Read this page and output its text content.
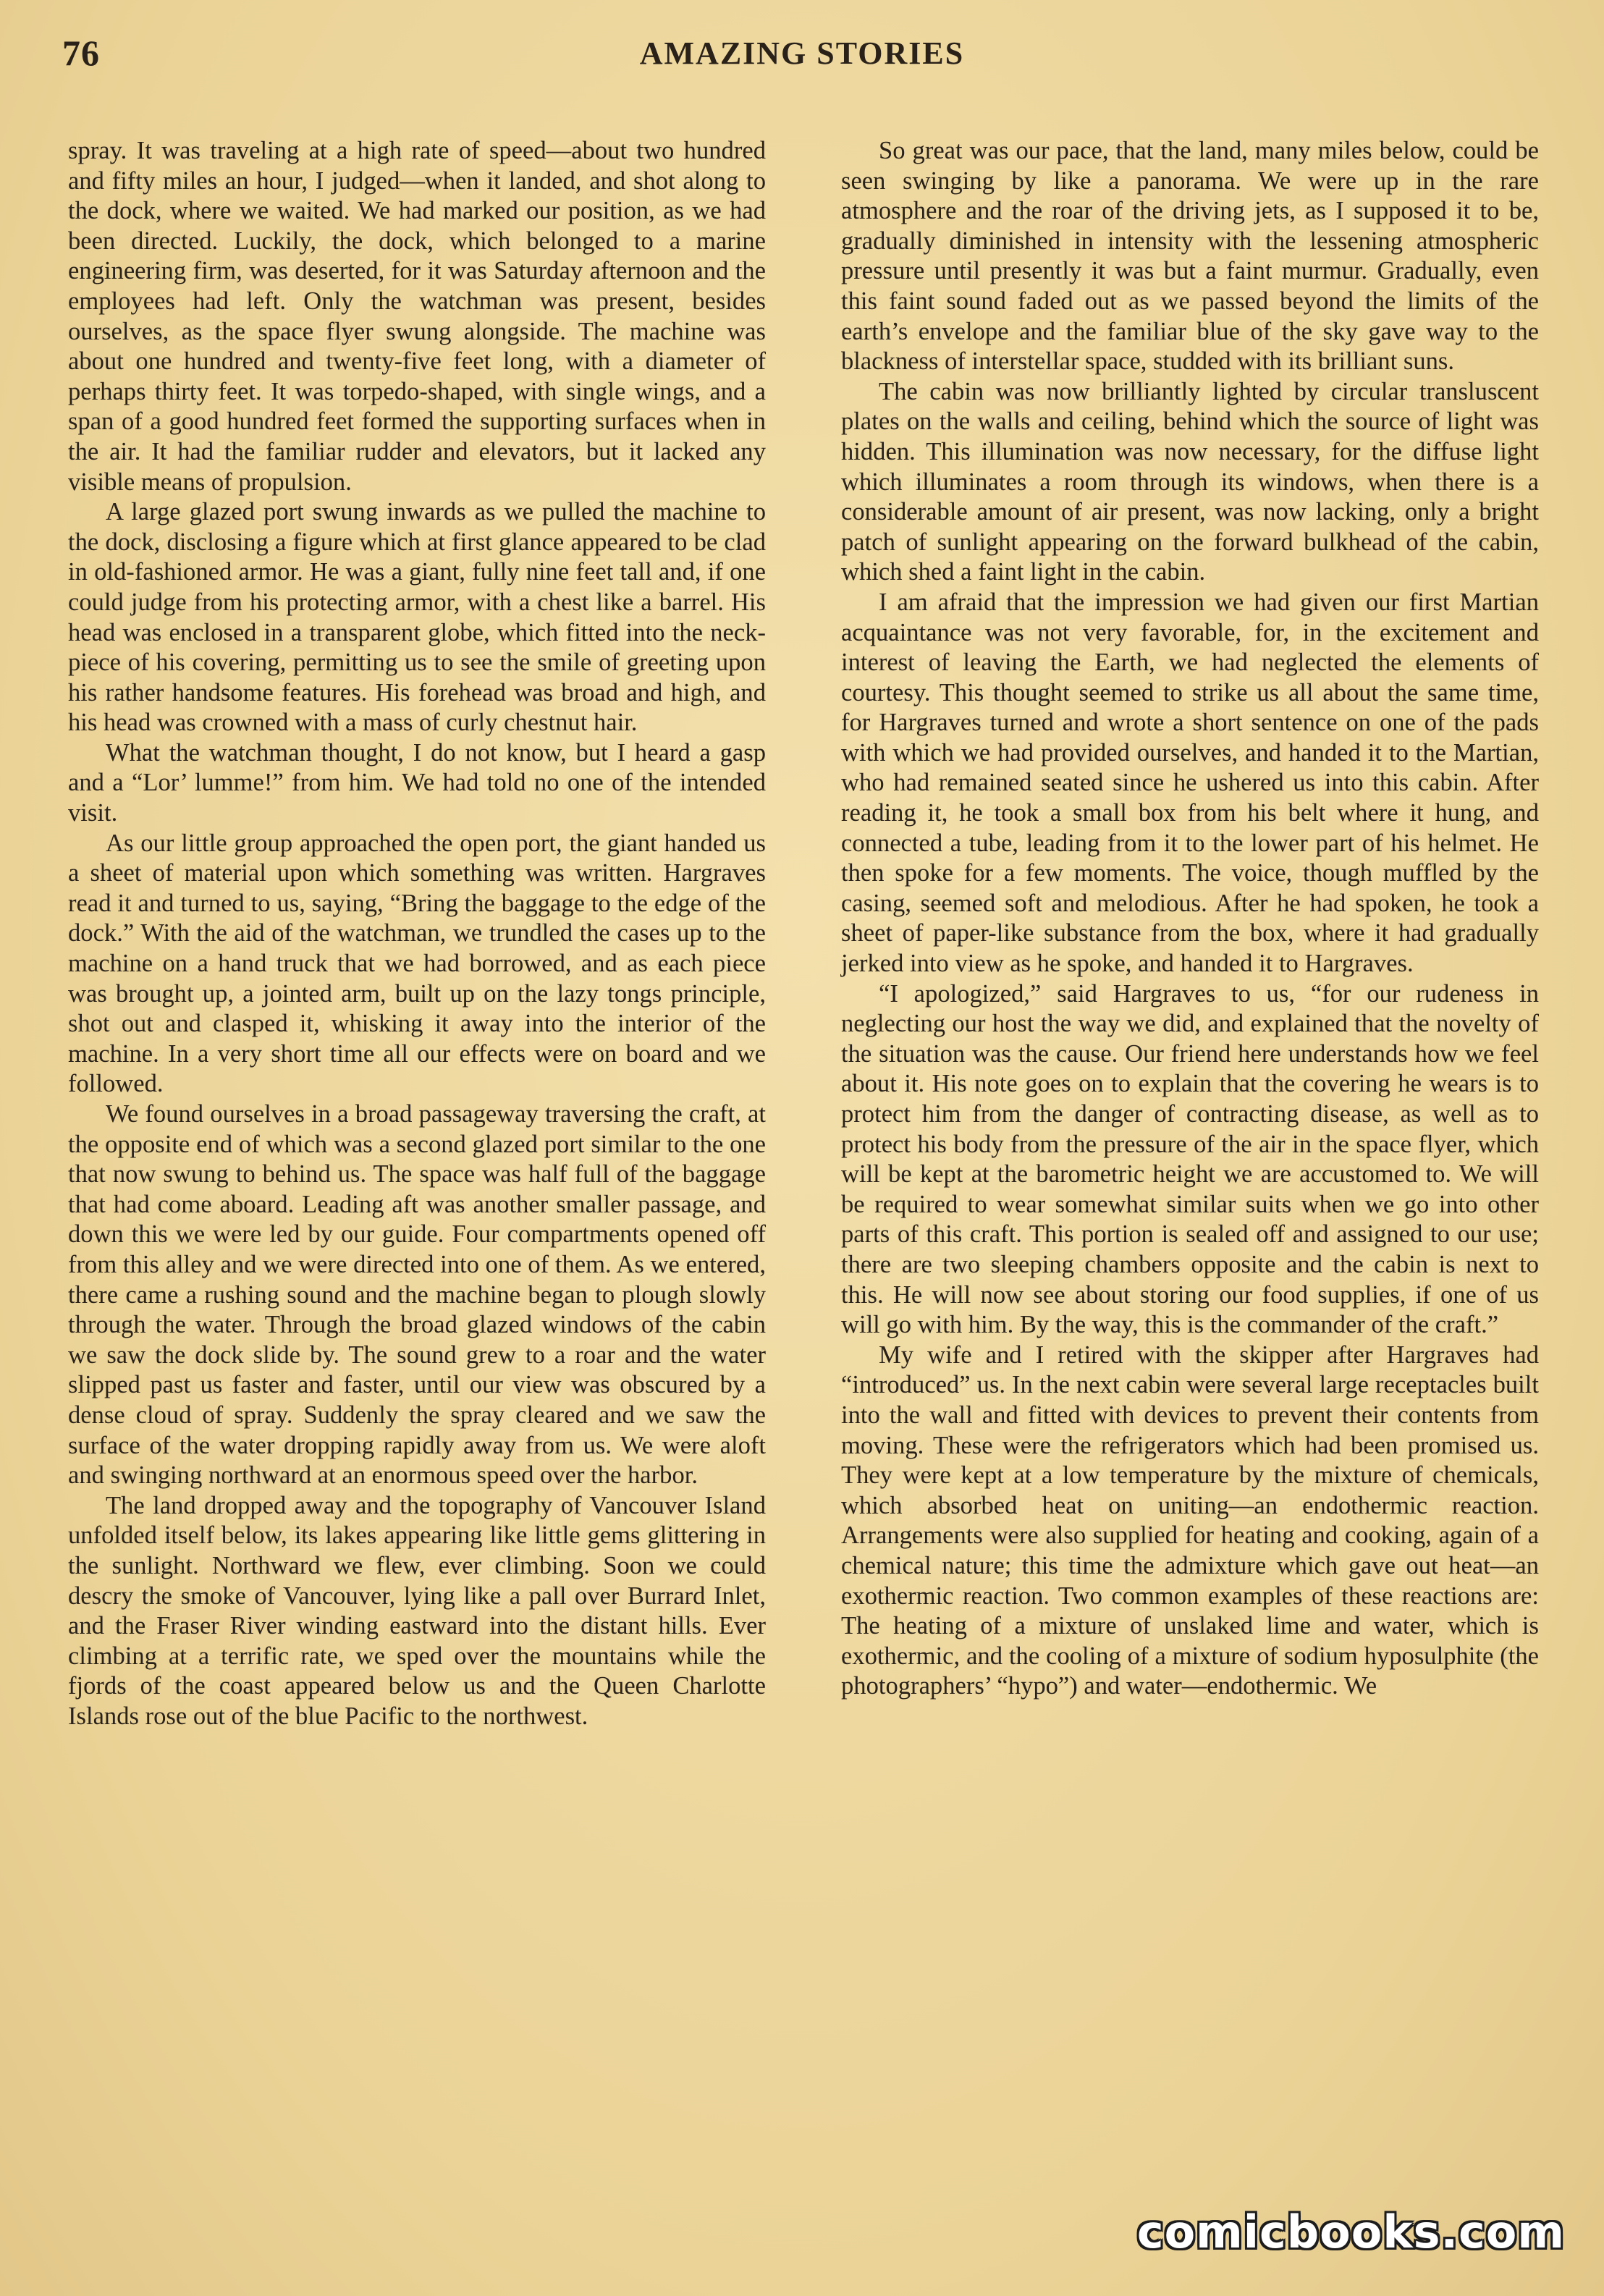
76	AMAZING STORIES

spray. It was traveling at a high rate of speed—about two hundred and fifty miles an hour, I judged—when it landed, and shot along to the dock, where we waited. We had marked our position, as we had been directed. Luckily, the dock, which belonged to a marine engineering firm, was deserted, for it was Saturday afternoon and the employees had left. Only the watchman was present, besides ourselves, as the space flyer swung alongside. The machine was about one hundred and twenty-five feet long, with a diameter of perhaps thirty feet. It was torpedo-shaped, with single wings, and a span of a good hundred feet formed the supporting surfaces when in the air. It had the familiar rudder and elevators, but it lacked any visible means of propulsion.

A large glazed port swung inwards as we pulled the machine to the dock, disclosing a figure which at first glance appeared to be clad in old-fashioned armor. He was a giant, fully nine feet tall and, if one could judge from his protecting armor, with a chest like a barrel. His head was enclosed in a transparent globe, which fitted into the neck-piece of his covering, permitting us to see the smile of greeting upon his rather handsome features. His forehead was broad and high, and his head was crowned with a mass of curly chestnut hair.

What the watchman thought, I do not know, but I heard a gasp and a “Lor’ lumme!” from him. We had told no one of the intended visit.

As our little group approached the open port, the giant handed us a sheet of material upon which something was written. Hargraves read it and turned to us, saying, “Bring the baggage to the edge of the dock.” With the aid of the watchman, we trundled the cases up to the machine on a hand truck that we had borrowed, and as each piece was brought up, a jointed arm, built up on the lazy tongs principle, shot out and clasped it, whisking it away into the interior of the machine. In a very short time all our effects were on board and we followed.

We found ourselves in a broad passageway traversing the craft, at the opposite end of which was a second glazed port similar to the one that now swung to behind us. The space was half full of the baggage that had come aboard. Leading aft was another smaller passage, and down this we were led by our guide. Four compartments opened off from this alley and we were directed into one of them. As we entered, there came a rushing sound and the machine began to plough slowly through the water. Through the broad glazed windows of the cabin we saw the dock slide by. The sound grew to a roar and the water slipped past us faster and faster, until our view was obscured by a dense cloud of spray. Suddenly the spray cleared and we saw the surface of the water dropping rapidly away from us. We were aloft and swinging northward at an enormous speed over the harbor.

The land dropped away and the topography of Vancouver Island unfolded itself below, its lakes appearing like little gems glittering in the sunlight. Northward we flew, ever climbing. Soon we could descry the smoke of Vancouver, lying like a pall over Burrard Inlet, and the Fraser River winding eastward into the distant hills. Ever climbing at a terrific rate, we sped over the mountains while the fjords of the coast appeared below us and the Queen Charlotte Islands rose out of the blue Pacific to the northwest.

So great was our pace, that the land, many miles below, could be seen swinging by like a panorama. We were up in the rare atmosphere and the roar of the driving jets, as I supposed it to be, gradually diminished in intensity with the lessening atmospheric pressure until presently it was but a faint murmur. Gradually, even this faint sound faded out as we passed beyond the limits of the earth’s envelope and the familiar blue of the sky gave way to the blackness of interstellar space, studded with its brilliant suns.

The cabin was now brilliantly lighted by circular transluscent plates on the walls and ceiling, behind which the source of light was hidden. This illumination was now necessary, for the diffuse light which illuminates a room through its windows, when there is a considerable amount of air present, was now lacking, only a bright patch of sunlight appearing on the forward bulkhead of the cabin, which shed a faint light in the cabin.

I am afraid that the impression we had given our first Martian acquaintance was not very favorable, for, in the excitement and interest of leaving the Earth, we had neglected the elements of courtesy. This thought seemed to strike us all about the same time, for Hargraves turned and wrote a short sentence on one of the pads with which we had provided ourselves, and handed it to the Martian, who had remained seated since he ushered us into this cabin. After reading it, he took a small box from his belt where it hung, and connected a tube, leading from it to the lower part of his helmet. He then spoke for a few moments. The voice, though muffled by the casing, seemed soft and melodious. After he had spoken, he took a sheet of paper-like substance from the box, where it had gradually jerked into view as he spoke, and handed it to Hargraves.

“I apologized,” said Hargraves to us, “for our rudeness in neglecting our host the way we did, and explained that the novelty of the situation was the cause. Our friend here understands how we feel about it. His note goes on to explain that the covering he wears is to protect him from the danger of contracting disease, as well as to protect his body from the pressure of the air in the space flyer, which will be kept at the barometric height we are accustomed to. We will be required to wear somewhat similar suits when we go into other parts of this craft. This portion is sealed off and assigned to our use; there are two sleeping chambers opposite and the cabin is next to this. He will now see about storing our food supplies, if one of us will go with him. By the way, this is the commander of the craft.”

My wife and I retired with the skipper after Hargraves had “introduced” us. In the next cabin were several large receptacles built into the wall and fitted with devices to prevent their contents from moving. These were the refrigerators which had been promised us. They were kept at a low temperature by the mixture of chemicals, which absorbed heat on uniting—an endothermic reaction. Arrangements were also supplied for heating and cooking, again of a chemical nature; this time the admixture which gave out heat—an exothermic reaction. Two common examples of these reactions are: The heating of a mixture of unslaked lime and water, which is exothermic, and the cooling of a mixture of sodium hyposulphite (the photographers’ “hypo”) and water—endothermic. We

comicbooks.com
